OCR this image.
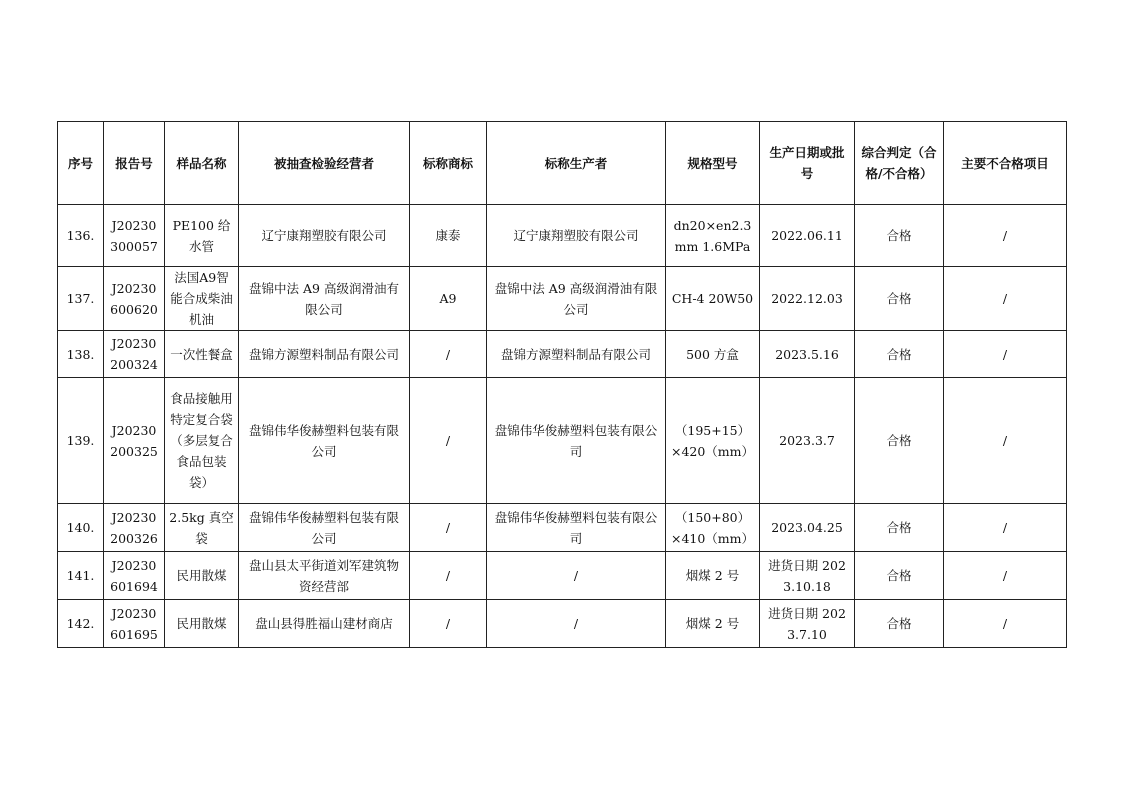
序号	报告号	样品名称	被抽查检验经营者	标称商标	标称生产者	规格型号	生产日期或批号	综合判定（合格/不合格）	主要不合格项目
136.	J20230300057	PE100 给水管	辽宁康翔塑胶有限公司	康泰	辽宁康翔塑胶有限公司	dn20×en2.3mm 1.6MPa	2022.06.11	合格	/
137.	J20230600620	法国A9智能合成柴油机油	盘锦中法 A9 高级润滑油有限公司	A9	盘锦中法 A9 高级润滑油有限公司	CH-4 20W50	2022.12.03	合格	/
138.	J20230200324	一次性餐盒	盘锦方源塑料制品有限公司	/	盘锦方源塑料制品有限公司	500 方盒	2023.5.16	合格	/
139.	J20230200325	食品接触用特定复合袋（多层复合食品包装袋）	盘锦伟华俊赫塑料包装有限公司	/	盘锦伟华俊赫塑料包装有限公司	（195+15）×420（mm）	2023.3.7	合格	/
140.	J20230200326	2.5kg 真空袋	盘锦伟华俊赫塑料包装有限公司	/	盘锦伟华俊赫塑料包装有限公司	（150+80）×410（mm）	2023.04.25	合格	/
141.	J20230601694	民用散煤	盘山县太平街道刘军建筑物资经营部	/	/	烟煤 2 号	进货日期 2023.10.18	合格	/
142.	J20230601695	民用散煤	盘山县得胜福山建材商店	/	/	烟煤 2 号	进货日期 2023.7.10	合格	/
